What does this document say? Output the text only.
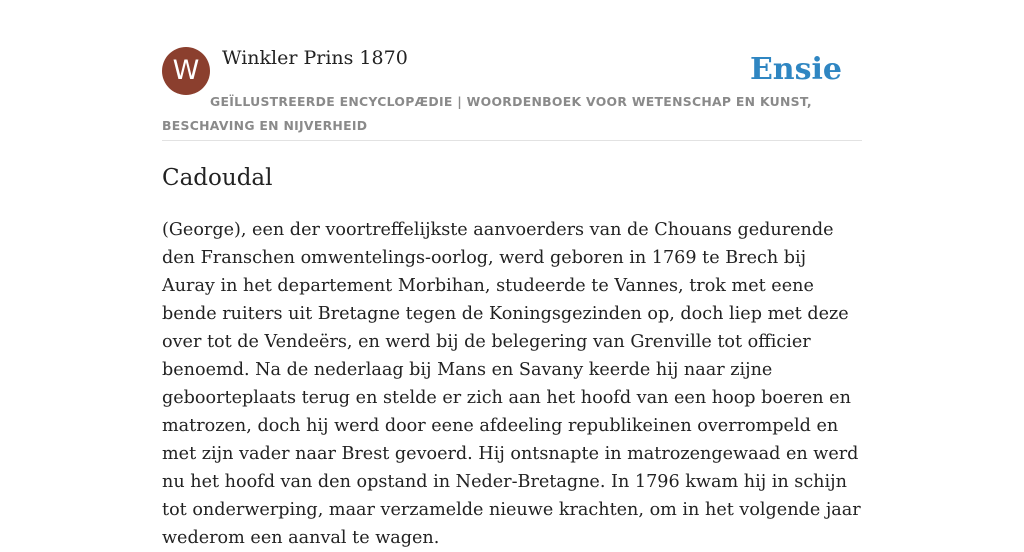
W	Winkler Prins 1870	Ensie
GEÏLLUSTREERDE ENCYCLOPÆDIE | WOORDENBOEK VOOR WETENSCHAP EN KUNST, BESCHAVING EN NIJVERHEID
Cadoudal

(George), een der voortreffelijkste aanvoerders van de Chouans gedurende den Franschen omwentelings-oorlog, werd geboren in 1769 te Brech bij Auray in het departement Morbihan, studeerde te Vannes, trok met eene bende ruiters uit Bretagne tegen de Koningsgezinden op, doch liep met deze over tot de Vendeërs, en werd bij de belegering van Grenville tot officier benoemd. Na de nederlaag bij Mans en Savany keerde hij naar zijne geboorteplaats terug en stelde er zich aan het hoofd van een hoop boeren en matrozen, doch hij werd door eene afdeeling republikeinen overrompeld en met zijn vader naar Brest gevoerd. Hij ontsnapte in matrozengewaad en werd nu het hoofd van den opstand in Neder-Bretagne. In 1796 kwam hij in schijn tot onderwerping, maar verzamelde nieuwe krachten, om in het volgende jaar wederom een aanval te wagen.
